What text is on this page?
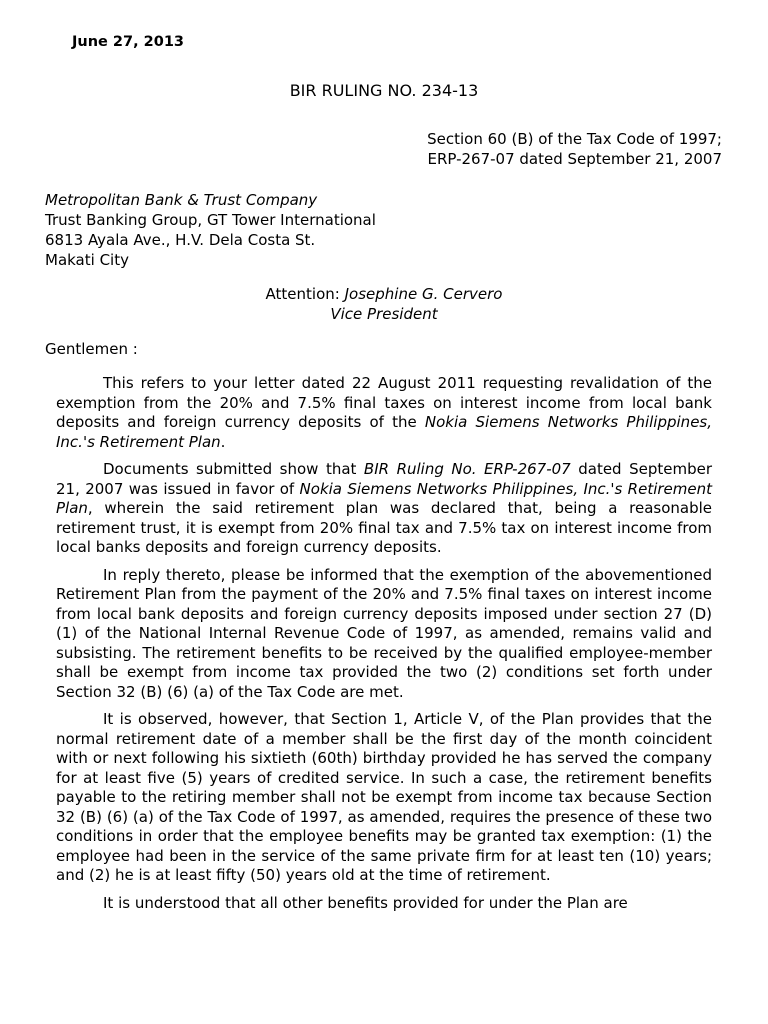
June 27, 2013
BIR RULING NO. 234-13
Section 60 (B) of the Tax Code of 1997;
ERP-267-07 dated September 21, 2007
Metropolitan Bank & Trust Company
Trust Banking Group, GT Tower International
6813 Ayala Ave., H.V. Dela Costa St.
Makati City
Attention: Josephine G. Cervero
Vice President
Gentlemen :

This refers to your letter dated 22 August 2011 requesting revalidation of the exemption from the 20% and 7.5% final taxes on interest income from local bank deposits and foreign currency deposits of the Nokia Siemens Networks Philippines, Inc.'s Retirement Plan.

Documents submitted show that BIR Ruling No. ERP-267-07 dated September 21, 2007 was issued in favor of Nokia Siemens Networks Philippines, Inc.'s Retirement Plan, wherein the said retirement plan was declared that, being a reasonable retirement trust, it is exempt from 20% final tax and 7.5% tax on interest income from local banks deposits and foreign currency deposits.

In reply thereto, please be informed that the exemption of the abovementioned Retirement Plan from the payment of the 20% and 7.5% final taxes on interest income from local bank deposits and foreign currency deposits imposed under section 27 (D) (1) of the National Internal Revenue Code of 1997, as amended, remains valid and subsisting. The retirement benefits to be received by the qualified employee-member shall be exempt from income tax provided the two (2) conditions set forth under Section 32 (B) (6) (a) of the Tax Code are met.

It is observed, however, that Section 1, Article V, of the Plan provides that the normal retirement date of a member shall be the first day of the month coincident with or next following his sixtieth (60th) birthday provided he has served the company for at least five (5) years of credited service. In such a case, the retirement benefits payable to the retiring member shall not be exempt from income tax because Section 32 (B) (6) (a) of the Tax Code of 1997, as amended, requires the presence of these two conditions in order that the employee benefits may be granted tax exemption: (1) the employee had been in the service of the same private firm for at least ten (10) years; and (2) he is at least fifty (50) years old at the time of retirement.

It is understood that all other benefits provided for under the Plan are
